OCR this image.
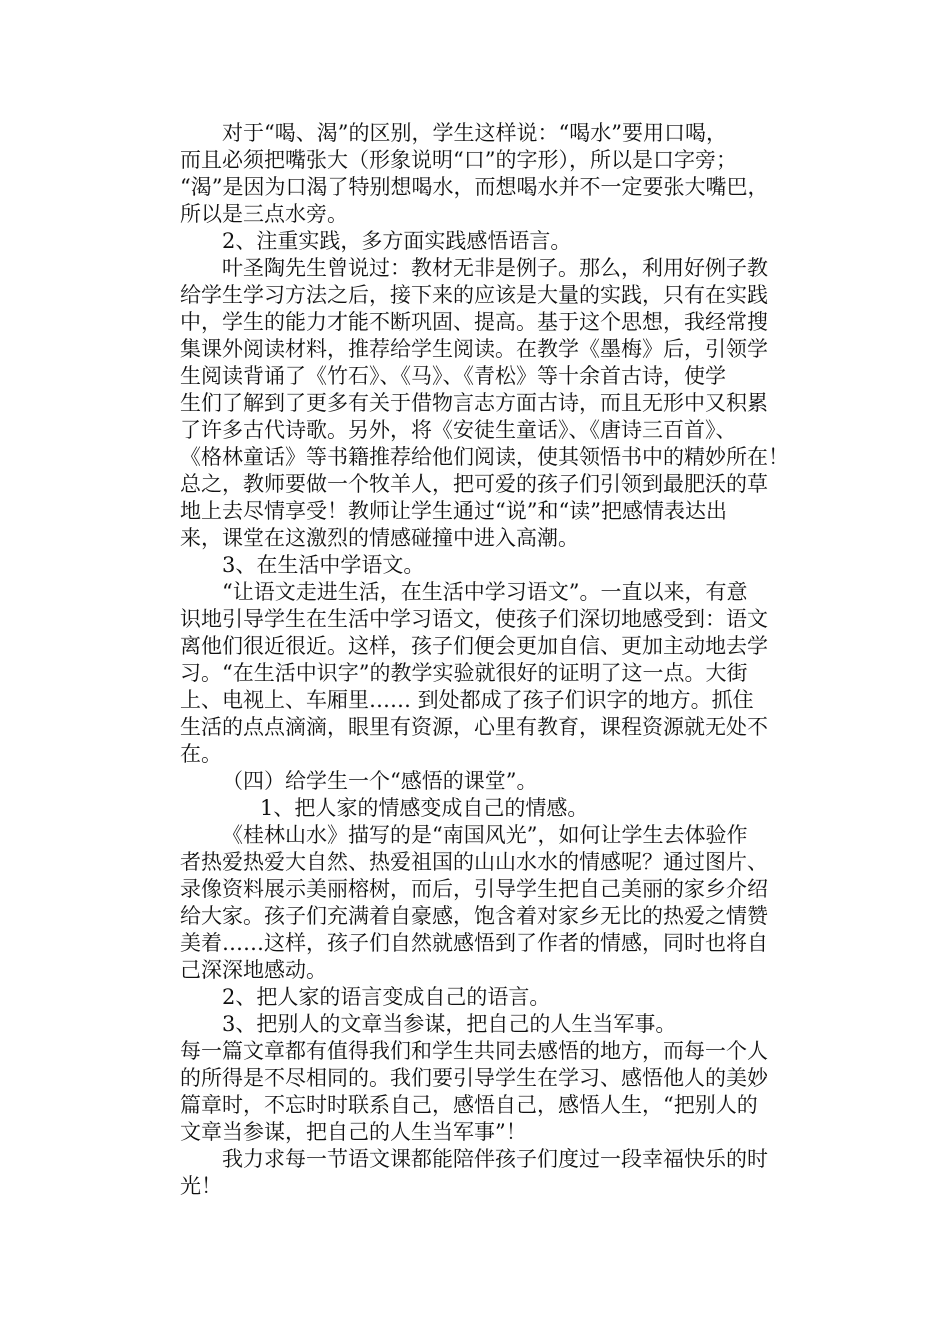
对于“喝、渴”的区别，学生这样说：“喝水”要用口喝，
而且必须把嘴张大（形象说明“口”的字形），所以是口字旁；
“渴”是因为口渴了特别想喝水，而想喝水并不一定要张大嘴巴，
所以是三点水旁。
2、注重实践，多方面实践感悟语言。
叶圣陶先生曾说过：教材无非是例子。那么，利用好例子教
给学生学习方法之后，接下来的应该是大量的实践，只有在实践
中，学生的能力才能不断巩固、提高。基于这个思想，我经常搜
集课外阅读材料，推荐给学生阅读。在教学《墨梅》后，引领学
生阅读背诵了《竹石》、《马》、《青松》等十余首古诗，使学
生们了解到了更多有关于借物言志方面古诗，而且无形中又积累
了许多古代诗歌。另外，将《安徒生童话》、《唐诗三百首》、
《格林童话》等书籍推荐给他们阅读，使其领悟书中的精妙所在！
总之，教师要做一个牧羊人，把可爱的孩子们引领到最肥沃的草
地上去尽情享受！教师让学生通过“说”和“读”把感情表达出
来，课堂在这激烈的情感碰撞中进入高潮。
3、在生活中学语文。
“让语文走进生活，在生活中学习语文”。一直以来，有意
识地引导学生在生活中学习语文，使孩子们深切地感受到：语文
离他们很近很近。这样，孩子们便会更加自信、更加主动地去学
习。“在生活中识字”的教学实验就很好的证明了这一点。大街
上、电视上、车厢里…… 到处都成了孩子们识字的地方。抓住
生活的点点滴滴，眼里有资源，心里有教育，课程资源就无处不
在。
（四）给学生一个“感悟的课堂”。
1、把人家的情感变成自己的情感。
《桂林山水》描写的是“南国风光”，如何让学生去体验作
者热爱热爱大自然、热爱祖国的山山水水的情感呢？通过图片、
录像资料展示美丽榕树，而后，引导学生把自己美丽的家乡介绍
给大家。孩子们充满着自豪感，饱含着对家乡无比的热爱之情赞
美着……这样，孩子们自然就感悟到了作者的情感，同时也将自
己深深地感动。
2、把人家的语言变成自己的语言。
3、把别人的文章当参谋，把自己的人生当军事。
每一篇文章都有值得我们和学生共同去感悟的地方，而每一个人
的所得是不尽相同的。我们要引导学生在学习、感悟他人的美妙
篇章时，不忘时时联系自己，感悟自己，感悟人生，“把别人的
文章当参谋，把自己的人生当军事”！
我力求每一节语文课都能陪伴孩子们度过一段幸福快乐的时
光！
